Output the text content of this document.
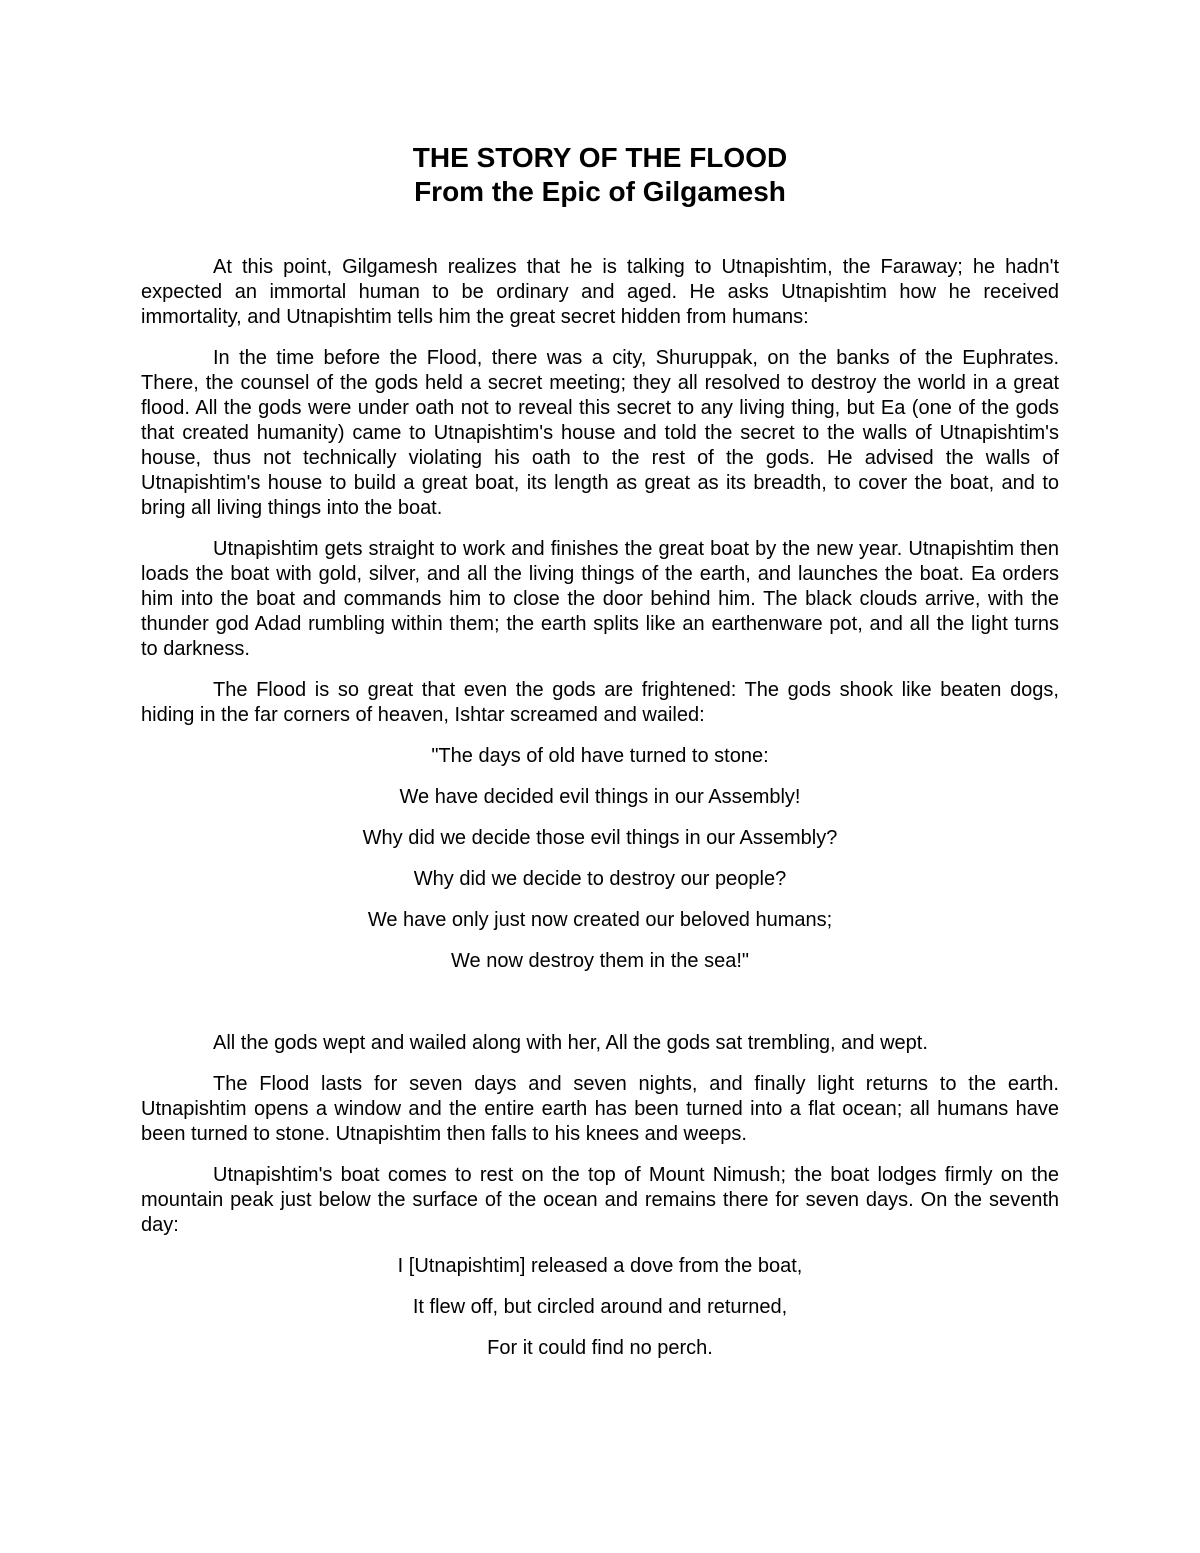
THE STORY OF THE FLOOD
From the Epic of Gilgamesh

At this point, Gilgamesh realizes that he is talking to Utnapishtim, the Faraway; he hadn't expected an immortal human to be ordinary and aged. He asks Utnapishtim how he received immortality, and Utnapishtim tells him the great secret hidden from humans:

In the time before the Flood, there was a city, Shuruppak, on the banks of the Euphrates. There, the counsel of the gods held a secret meeting; they all resolved to destroy the world in a great flood. All the gods were under oath not to reveal this secret to any living thing, but Ea (one of the gods that created humanity) came to Utnapishtim's house and told the secret to the walls of Utnapishtim's house, thus not technically violating his oath to the rest of the gods. He advised the walls of Utnapishtim's house to build a great boat, its length as great as its breadth, to cover the boat, and to bring all living things into the boat.

Utnapishtim gets straight to work and finishes the great boat by the new year. Utnapishtim then loads the boat with gold, silver, and all the living things of the earth, and launches the boat. Ea orders him into the boat and commands him to close the door behind him. The black clouds arrive, with the thunder god Adad rumbling within them; the earth splits like an earthenware pot, and all the light turns to darkness.

The Flood is so great that even the gods are frightened: The gods shook like beaten dogs, hiding in the far corners of heaven, Ishtar screamed and wailed:

"The days of old have turned to stone:

We have decided evil things in our Assembly!

Why did we decide those evil things in our Assembly?

Why did we decide to destroy our people?

We have only just now created our beloved humans;

We now destroy them in the sea!"

All the gods wept and wailed along with her, All the gods sat trembling, and wept.

The Flood lasts for seven days and seven nights, and finally light returns to the earth. Utnapishtim opens a window and the entire earth has been turned into a flat ocean; all humans have been turned to stone. Utnapishtim then falls to his knees and weeps.

Utnapishtim's boat comes to rest on the top of Mount Nimush; the boat lodges firmly on the mountain peak just below the surface of the ocean and remains there for seven days. On the seventh day:

I [Utnapishtim] released a dove from the boat,

It flew off, but circled around and returned,

For it could find no perch.
